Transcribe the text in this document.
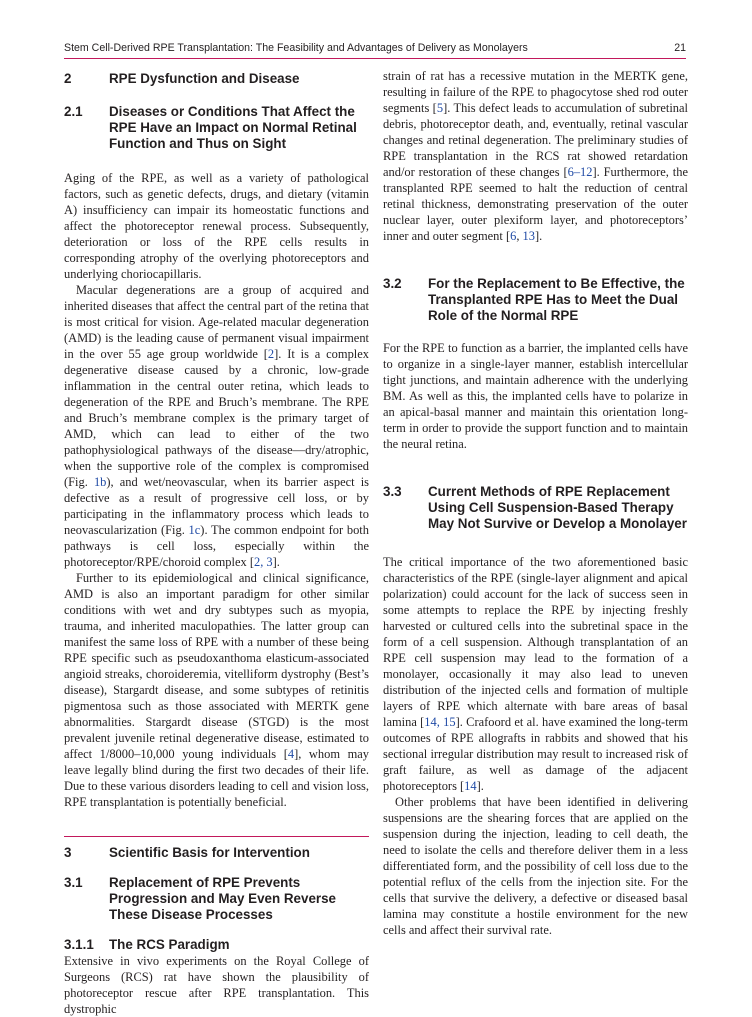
Stem Cell-Derived RPE Transplantation: The Feasibility and Advantages of Delivery as Monolayers	21
2	RPE Dysfunction and Disease
2.1	Diseases or Conditions That Affect the RPE Have an Impact on Normal Retinal Function and Thus on Sight

Aging of the RPE, as well as a variety of pathological factors, such as genetic defects, drugs, and dietary (vitamin A) insufficiency can impair its homeostatic functions and affect the photoreceptor renewal process. Subsequently, deterioration or loss of the RPE cells results in corresponding atrophy of the overlying photoreceptors and underlying choriocapillaris.

Macular degenerations are a group of acquired and inherited diseases that affect the central part of the retina that is most critical for vision. Age-related macular degeneration (AMD) is the leading cause of permanent visual impairment in the over 55 age group worldwide [2]. It is a complex degenerative disease caused by a chronic, low-grade inflammation in the central outer retina, which leads to degeneration of the RPE and Bruch’s membrane. The RPE and Bruch’s membrane complex is the primary target of AMD, which can lead to either of the two pathophysiological pathways of the disease—dry/atrophic, when the supportive role of the complex is compromised (Fig. 1b), and wet/neovascular, when its barrier aspect is defective as a result of progressive cell loss, or by participating in the inflammatory process which leads to neovascularization (Fig. 1c). The common endpoint for both pathways is cell loss, especially within the photoreceptor/RPE/choroid complex [2, 3].

Further to its epidemiological and clinical significance, AMD is also an important paradigm for other similar conditions with wet and dry subtypes such as myopia, trauma, and inherited maculopathies. The latter group can manifest the same loss of RPE with a number of these being RPE specific such as pseudoxanthoma elasticum-associated angioid streaks, choroideremia, vitelliform dystrophy (Best’s disease), Stargardt disease, and some subtypes of retinitis pigmentosa such as those associated with MERTK gene abnormalities. Stargardt disease (STGD) is the most prevalent juvenile retinal degenerative disease, estimated to affect 1/8000–10,000 young individuals [4], whom may leave legally blind during the first two decades of their life. Due to these various disorders leading to cell and vision loss, RPE transplantation is potentially beneficial.

3	Scientific Basis for Intervention
3.1	Replacement of RPE Prevents Progression and May Even Reverse These Disease Processes
3.1.1	The RCS Paradigm

Extensive in vivo experiments on the Royal College of Surgeons (RCS) rat have shown the plausibility of photoreceptor rescue after RPE transplantation. This dystrophic

strain of rat has a recessive mutation in the MERTK gene, resulting in failure of the RPE to phagocytose shed rod outer segments [5]. This defect leads to accumulation of subretinal debris, photoreceptor death, and, eventually, retinal vascular changes and retinal degeneration. The preliminary studies of RPE transplantation in the RCS rat showed retardation and/or restoration of these changes [6–12]. Furthermore, the transplanted RPE seemed to halt the reduction of central retinal thickness, demonstrating preservation of the outer nuclear layer, outer plexiform layer, and photoreceptors’ inner and outer segment [6, 13].

3.2	For the Replacement to Be Effective, the Transplanted RPE Has to Meet the Dual Role of the Normal RPE

For the RPE to function as a barrier, the implanted cells have to organize in a single-layer manner, establish intercellular tight junctions, and maintain adherence with the underlying BM. As well as this, the implanted cells have to polarize in an apical-basal manner and maintain this orientation long-term in order to provide the support function and to maintain the neural retina.

3.3	Current Methods of RPE Replacement Using Cell Suspension-Based Therapy May Not Survive or Develop a Monolayer

The critical importance of the two aforementioned basic characteristics of the RPE (single-layer alignment and apical polarization) could account for the lack of success seen in some attempts to replace the RPE by injecting freshly harvested or cultured cells into the subretinal space in the form of a cell suspension. Although transplantation of an RPE cell suspension may lead to the formation of a monolayer, occasionally it may also lead to uneven distribution of the injected cells and formation of multiple layers of RPE which alternate with bare areas of basal lamina [14, 15]. Crafoord et al. have examined the long-term outcomes of RPE allografts in rabbits and showed that his sectional irregular distribution may result to increased risk of graft failure, as well as damage of the adjacent photoreceptors [14].

Other problems that have been identified in delivering suspensions are the shearing forces that are applied on the suspension during the injection, leading to cell death, the need to isolate the cells and therefore deliver them in a less differentiated form, and the possibility of cell loss due to the potential reflux of the cells from the injection site. For the cells that survive the delivery, a defective or diseased basal lamina may constitute a hostile environment for the new cells and affect their survival rate.
